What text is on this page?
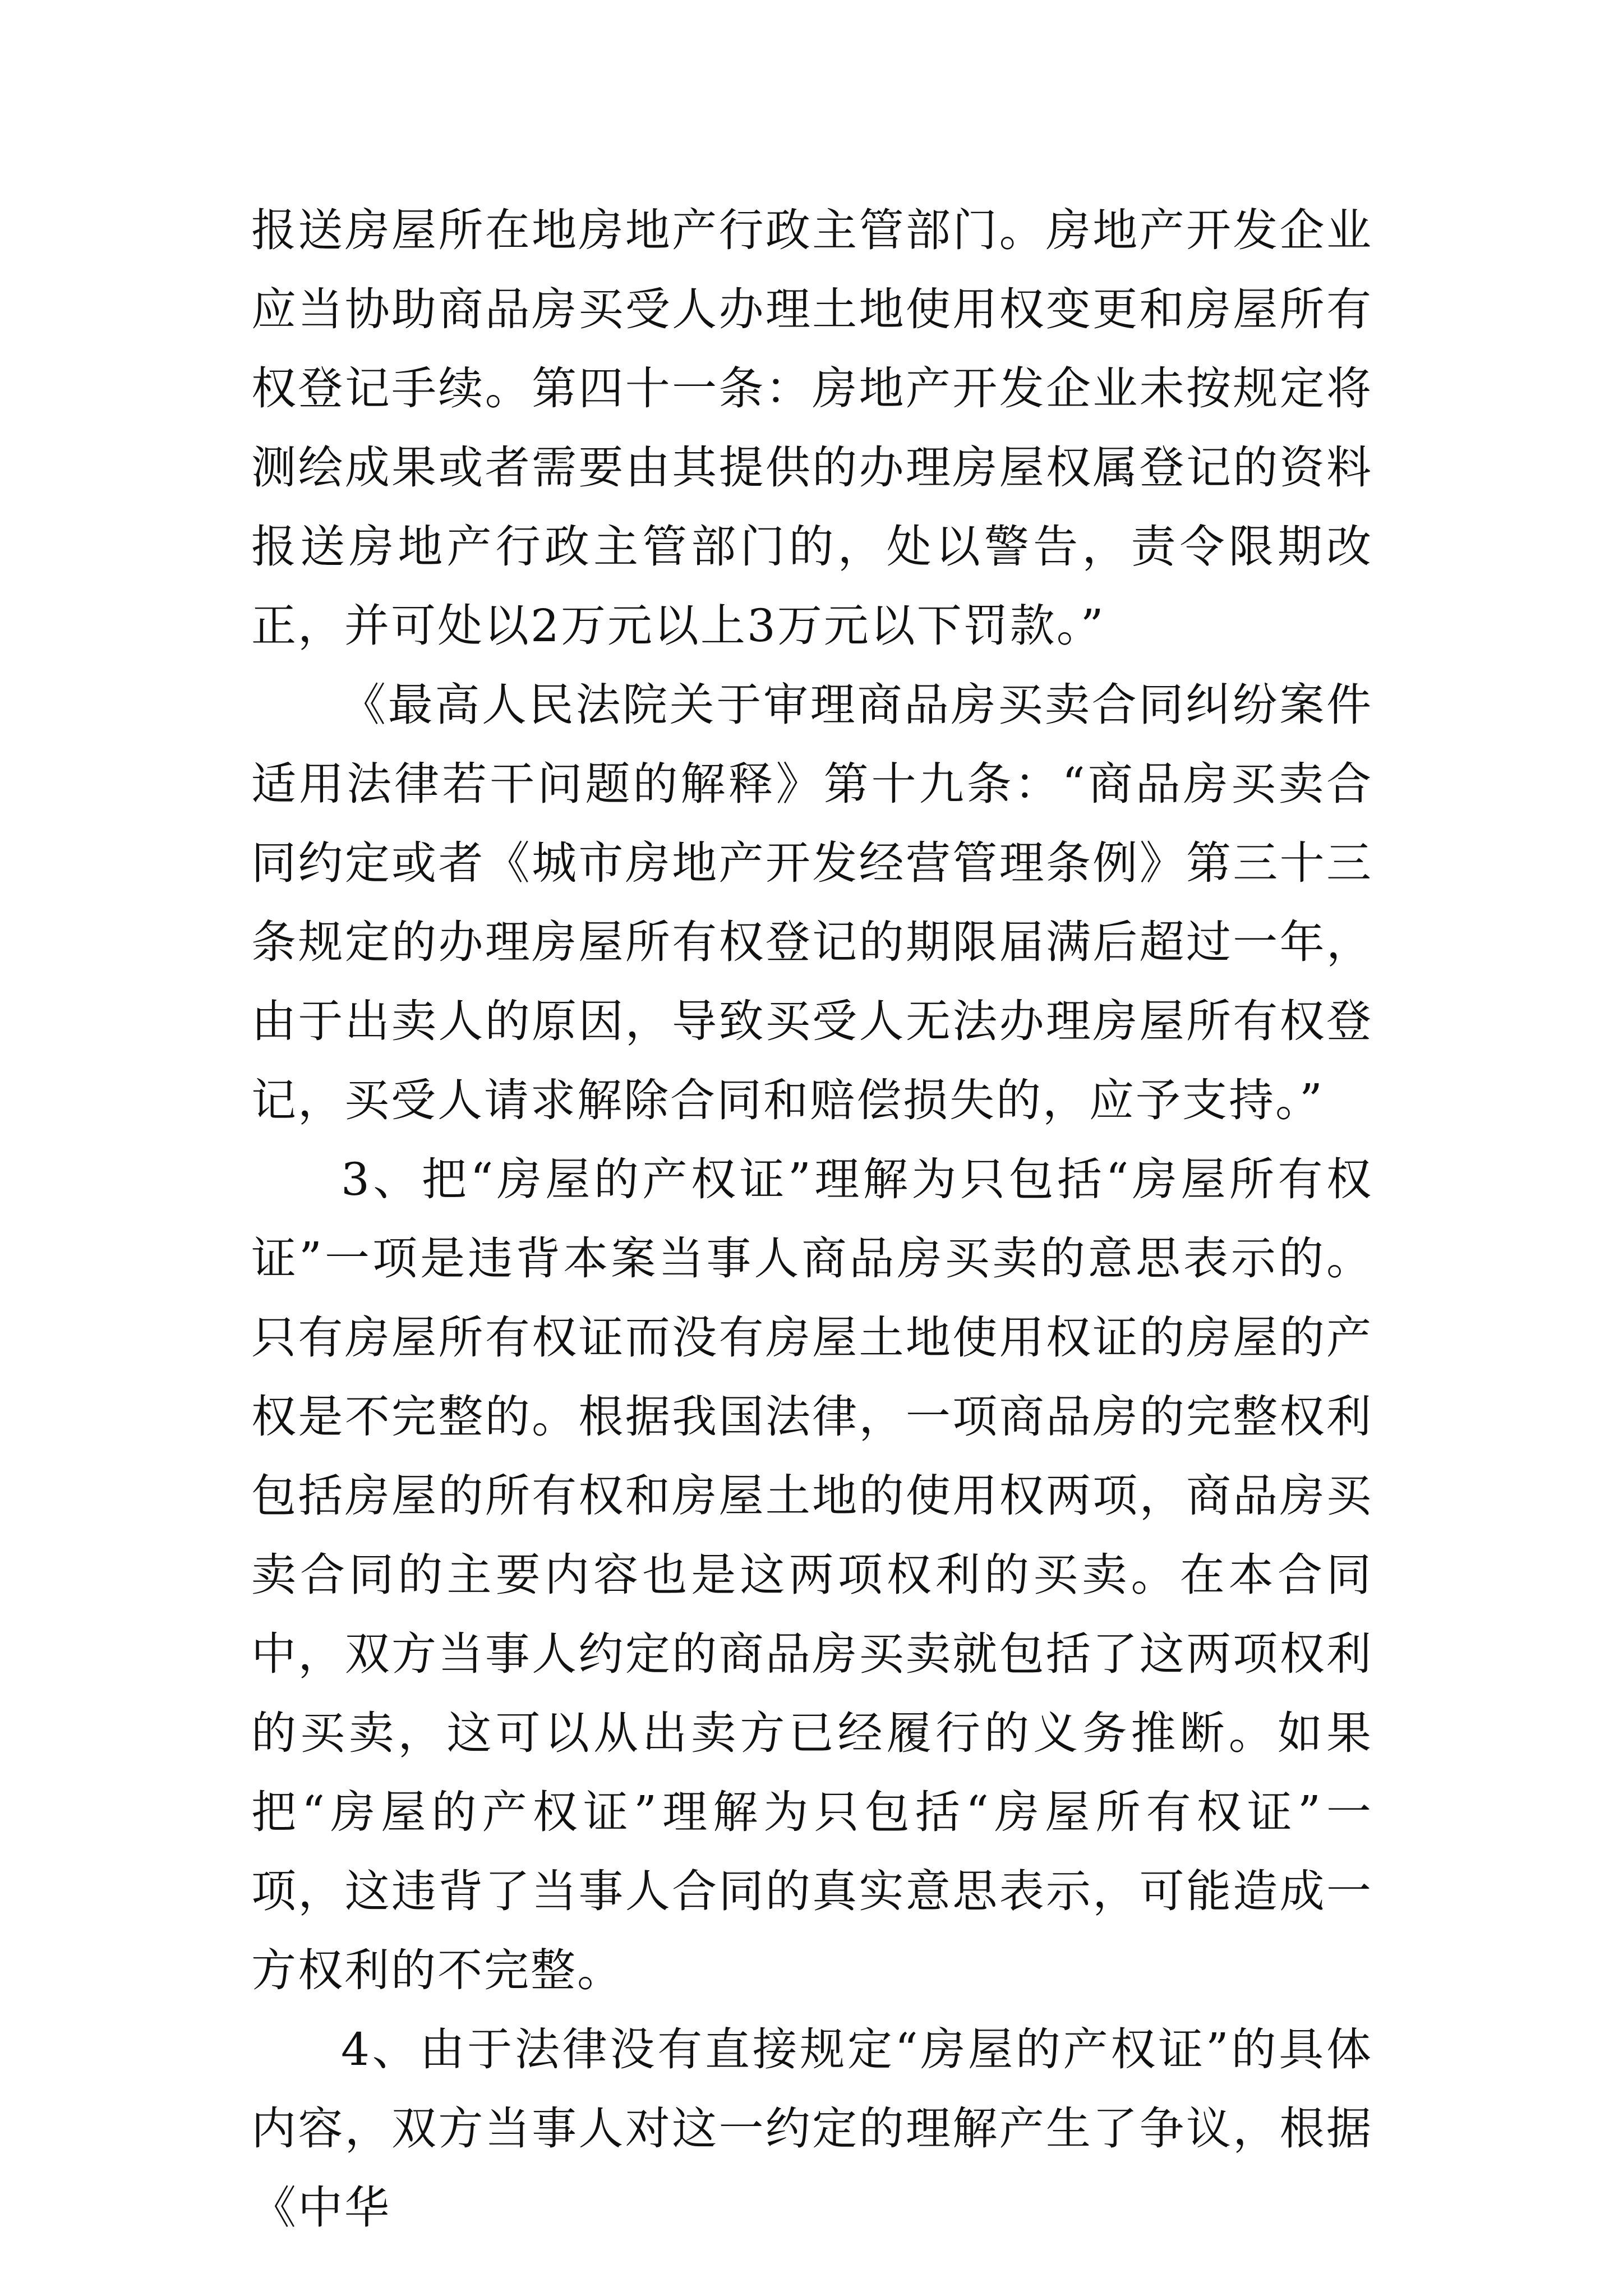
报送房屋所在地房地产行政主管部门。房地产开发企业应当协助商品房买受人办理土地使用权变更和房屋所有权登记手续。第四十一条：房地产开发企业未按规定将测绘成果或者需要由其提供的办理房屋权属登记的资料报送房地产行政主管部门的，处以警告，责令限期改正，并可处以2万元以上3万元以下罚款。”

《最高人民法院关于审理商品房买卖合同纠纷案件适用法律若干问题的解释》第十九条：“商品房买卖合同约定或者《城市房地产开发经营管理条例》第三十三条规定的办理房屋所有权登记的期限届满后超过一年，由于出卖人的原因，导致买受人无法办理房屋所有权登记，买受人请求解除合同和赔偿损失的，应予支持。”

3、把“房屋的产权证”理解为只包括“房屋所有权证”一项是违背本案当事人商品房买卖的意思表示的。只有房屋所有权证而没有房屋土地使用权证的房屋的产权是不完整的。根据我国法律，一项商品房的完整权利包括房屋的所有权和房屋土地的使用权两项，商品房买卖合同的主要内容也是这两项权利的买卖。在本合同中，双方当事人约定的商品房买卖就包括了这两项权利的买卖，这可以从出卖方已经履行的义务推断。如果把“房屋的产权证”理解为只包括“房屋所有权证”一项，这违背了当事人合同的真实意思表示，可能造成一方权利的不完整。

4、由于法律没有直接规定“房屋的产权证”的具体内容，双方当事人对这一约定的理解产生了争议，根据《中华
